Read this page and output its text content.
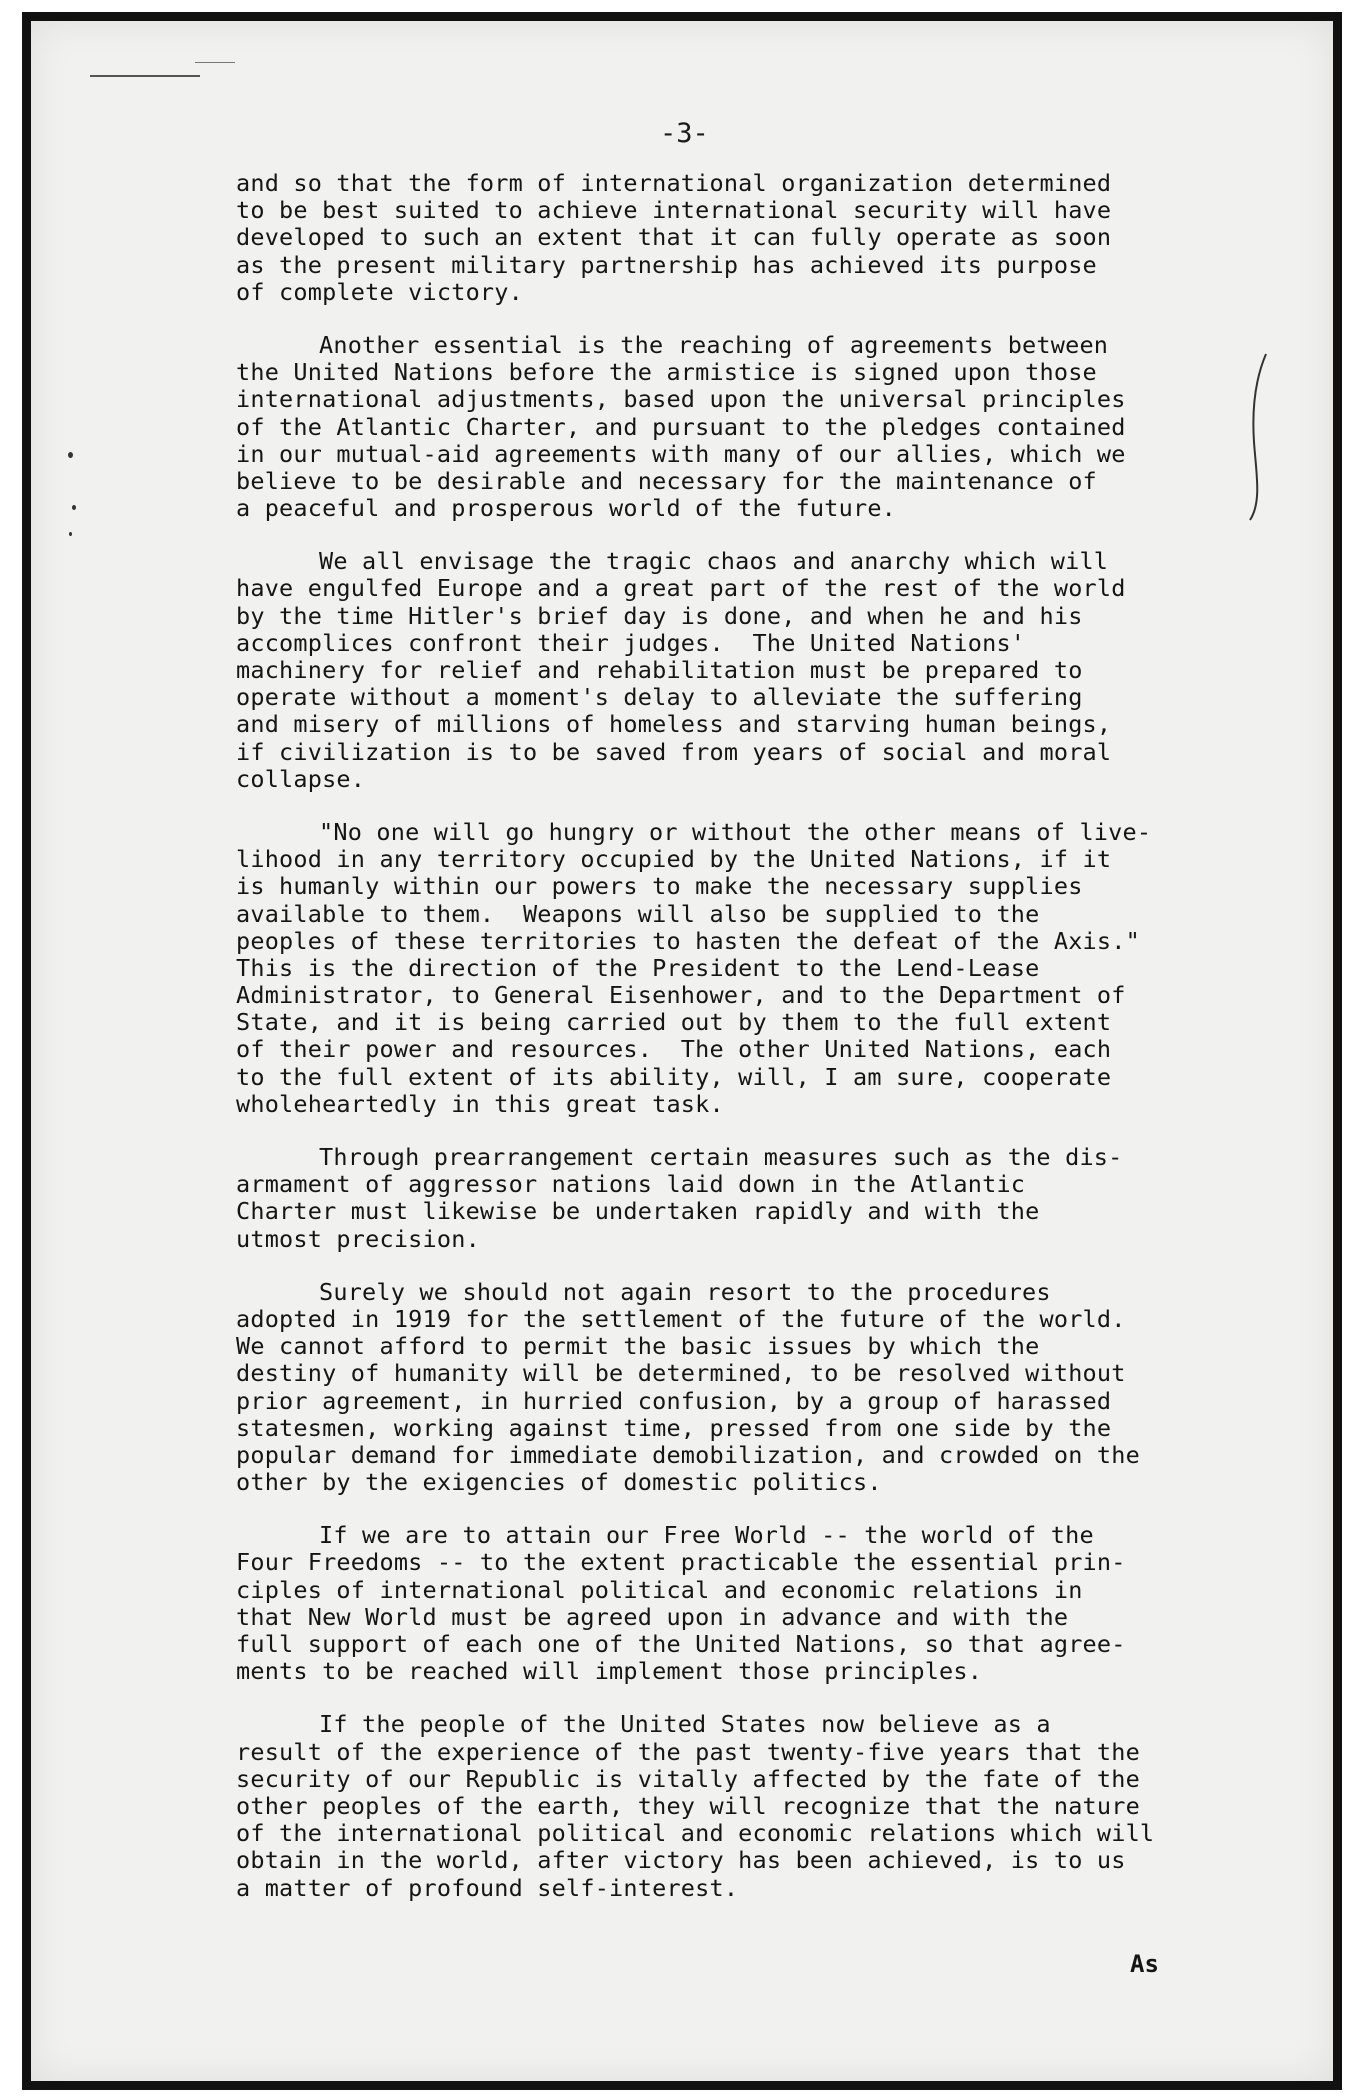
-3-
and so that the form of international organization determined
to be best suited to achieve international security will have
developed to such an extent that it can fully operate as soon
as the present military partnership has achieved its purpose
of complete victory.
Another essential is the reaching of agreements between
the United Nations before the armistice is signed upon those
international adjustments, based upon the universal principles
of the Atlantic Charter, and pursuant to the pledges contained
in our mutual-aid agreements with many of our allies, which we
believe to be desirable and necessary for the maintenance of
a peaceful and prosperous world of the future.
We all envisage the tragic chaos and anarchy which will
have engulfed Europe and a great part of the rest of the world
by the time Hitler's brief day is done, and when he and his
accomplices confront their judges.  The United Nations'
machinery for relief and rehabilitation must be prepared to
operate without a moment's delay to alleviate the suffering
and misery of millions of homeless and starving human beings,
if civilization is to be saved from years of social and moral
collapse.
"No one will go hungry or without the other means of live-
lihood in any territory occupied by the United Nations, if it
is humanly within our powers to make the necessary supplies
available to them.  Weapons will also be supplied to the
peoples of these territories to hasten the defeat of the Axis."
This is the direction of the President to the Lend-Lease
Administrator, to General Eisenhower, and to the Department of
State, and it is being carried out by them to the full extent
of their power and resources.  The other United Nations, each
to the full extent of its ability, will, I am sure, cooperate
wholeheartedly in this great task.
Through prearrangement certain measures such as the dis-
armament of aggressor nations laid down in the Atlantic
Charter must likewise be undertaken rapidly and with the
utmost precision.
Surely we should not again resort to the procedures
adopted in 1919 for the settlement of the future of the world.
We cannot afford to permit the basic issues by which the
destiny of humanity will be determined, to be resolved without
prior agreement, in hurried confusion, by a group of harassed
statesmen, working against time, pressed from one side by the
popular demand for immediate demobilization, and crowded on the
other by the exigencies of domestic politics.
If we are to attain our Free World -- the world of the
Four Freedoms -- to the extent practicable the essential prin-
ciples of international political and economic relations in
that New World must be agreed upon in advance and with the
full support of each one of the United Nations, so that agree-
ments to be reached will implement those principles.
If the people of the United States now believe as a
result of the experience of the past twenty-five years that the
security of our Republic is vitally affected by the fate of the
other peoples of the earth, they will recognize that the nature
of the international political and economic relations which will
obtain in the world, after victory has been achieved, is to us
a matter of profound self-interest.
As
